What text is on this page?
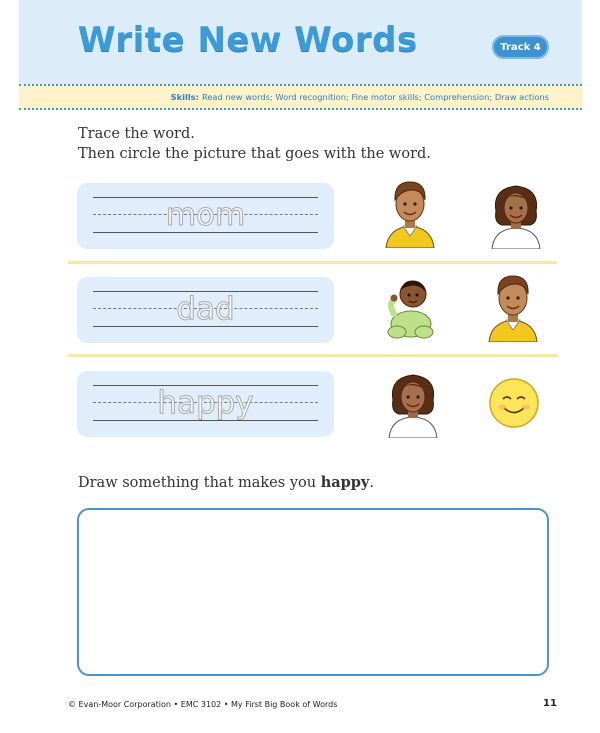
Write New Words	Track 4
Skills: Read new words; Word recognition; Fine motor skills; Comprehension; Draw actions
Trace the word.
Then circle the picture that goes with the word.
mom
dad
happy
Draw something that makes you happy.
© Evan-Moor Corporation • EMC 3102 • My First Big Book of Words	11
